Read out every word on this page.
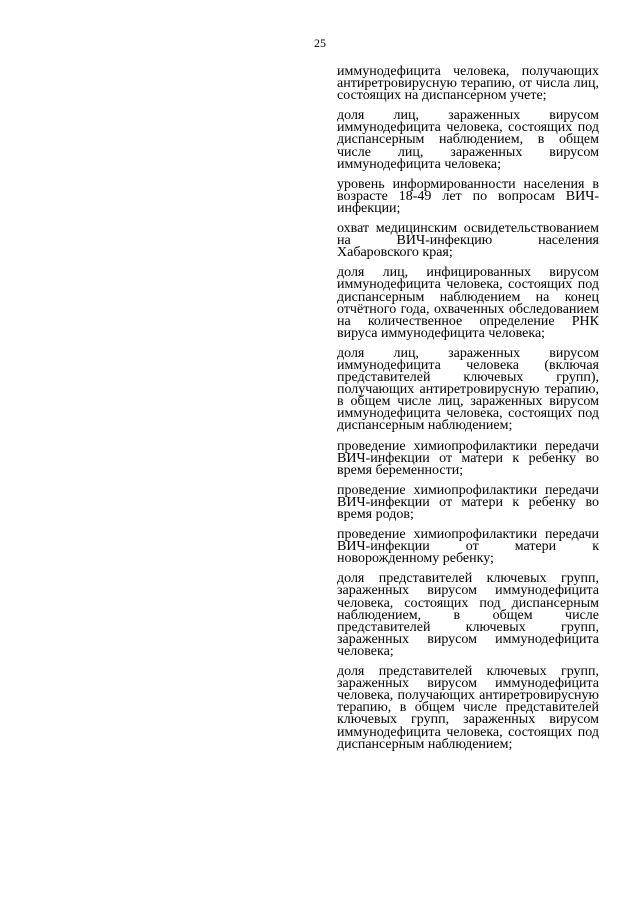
25

иммунодефицита человека, получающих антиретровирусную терапию, от числа лиц, состоящих на диспансерном учете;

доля лиц, зараженных вирусом иммунодефицита человека, состоящих под диспансерным наблюдением, в общем числе лиц, зараженных вирусом иммунодефицита человека;

уровень информированности населения в возрасте 18-49 лет по вопросам ВИЧ-инфекции;

охват медицинским освидетельствованием на ВИЧ-инфекцию населения Хабаровского края;

доля лиц, инфицированных вирусом иммунодефицита человека, состоящих под диспансерным наблюдением на конец отчётного года, охваченных обследованием на количественное определение РНК вируса иммунодефицита человека;

доля лиц, зараженных вирусом иммунодефицита человека (включая представителей ключевых групп), получающих антиретровирусную терапию, в общем числе лиц, зараженных вирусом иммунодефицита человека, состоящих под диспансерным наблюдением;

проведение химиопрофилактики передачи ВИЧ-инфекции от матери к ребенку во время беременности;

проведение химиопрофилактики передачи ВИЧ-инфекции от матери к ребенку во время родов;

проведение химиопрофилактики передачи ВИЧ-инфекции от матери к новорожденному ребенку;

доля представителей ключевых групп, зараженных вирусом иммунодефицита человека, состоящих под диспансерным наблюдением, в общем числе представителей ключевых групп, зараженных вирусом иммунодефицита человека;

доля представителей ключевых групп, зараженных вирусом иммунодефицита человека, получающих антиретровирусную терапию, в общем числе представителей ключевых групп, зараженных вирусом иммунодефицита человека, состоящих под диспансерным наблюдением;
